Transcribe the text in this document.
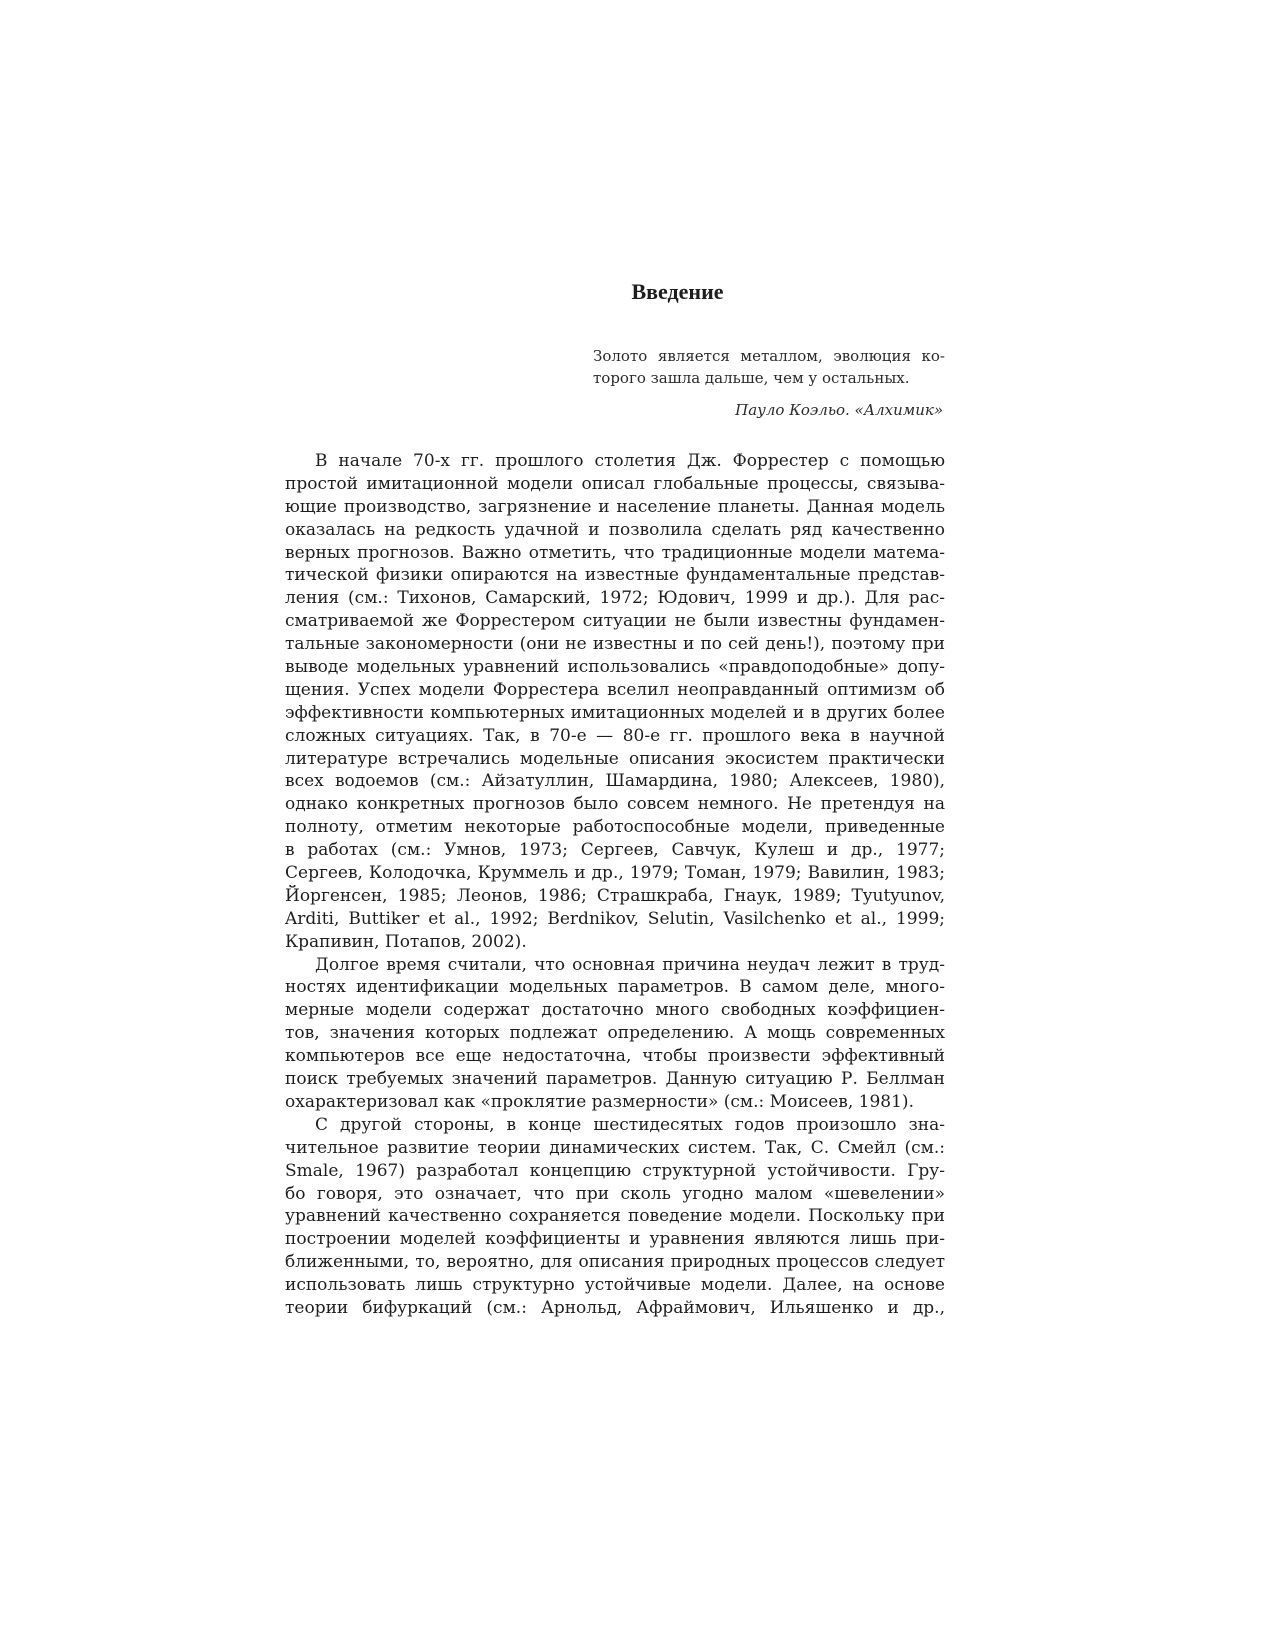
Введение
Золото является металлом, эволюция ко-
торого зашла дальше, чем у остальных.
Пауло Коэльо. «Алхимик»
В начале 70-х гг. прошлого столетия Дж. Форрестер с помощью
простой имитационной модели описал глобальные процессы, связыва-
ющие производство, загрязнение и население планеты. Данная модель
оказалась на редкость удачной и позволила сделать ряд качественно
верных прогнозов. Важно отметить, что традиционные модели матема-
тической физики опираются на известные фундаментальные представ-
ления (см.: Тихонов, Самарский, 1972; Юдович, 1999 и др.). Для рас-
сматриваемой же Форрестером ситуации не были известны фундамен-
тальные закономерности (они не известны и по сей день!), поэтому при
выводе модельных уравнений использовались «правдоподобные» допу-
щения. Успех модели Форрестера вселил неоправданный оптимизм об
эффективности компьютерных имитационных моделей и в других более
сложных ситуациях. Так, в 70-е — 80-е гг. прошлого века в научной
литературе встречались модельные описания экосистем практически
всех водоемов (см.: Айзатуллин, Шамардина, 1980; Алексеев, 1980),
однако конкретных прогнозов было совсем немного. Не претендуя на
полноту, отметим некоторые работоспособные модели, приведенные
в работах (см.: Умнов, 1973; Сергеев, Савчук, Кулеш и др., 1977;
Сергеев, Колодочка, Круммель и др., 1979; Томан, 1979; Вавилин, 1983;
Йоргенсен, 1985; Леонов, 1986; Страшкраба, Гнаук, 1989; Tyutyunov,
Arditi, Buttiker et al., 1992; Berdnikov, Selutin, Vasilchenko et al., 1999;
Крапивин, Потапов, 2002).
Долгое время считали, что основная причина неудач лежит в труд-
ностях идентификации модельных параметров. В самом деле, много-
мерные модели содержат достаточно много свободных коэффициен-
тов, значения которых подлежат определению. А мощь современных
компьютеров все еще недостаточна, чтобы произвести эффективный
поиск требуемых значений параметров. Данную ситуацию Р. Беллман
охарактеризовал как «проклятие размерности» (см.: Моисеев, 1981).
С другой стороны, в конце шестидесятых годов произошло зна-
чительное развитие теории динамических систем. Так, С. Смейл (см.:
Smale, 1967) разработал концепцию структурной устойчивости. Гру-
бо говоря, это означает, что при сколь угодно малом «шевелении»
уравнений качественно сохраняется поведение модели. Поскольку при
построении моделей коэффициенты и уравнения являются лишь при-
ближенными, то, вероятно, для описания природных процессов следует
использовать лишь структурно устойчивые модели. Далее, на основе
теории бифуркаций (см.: Арнольд, Афраймович, Ильяшенко и др.,
